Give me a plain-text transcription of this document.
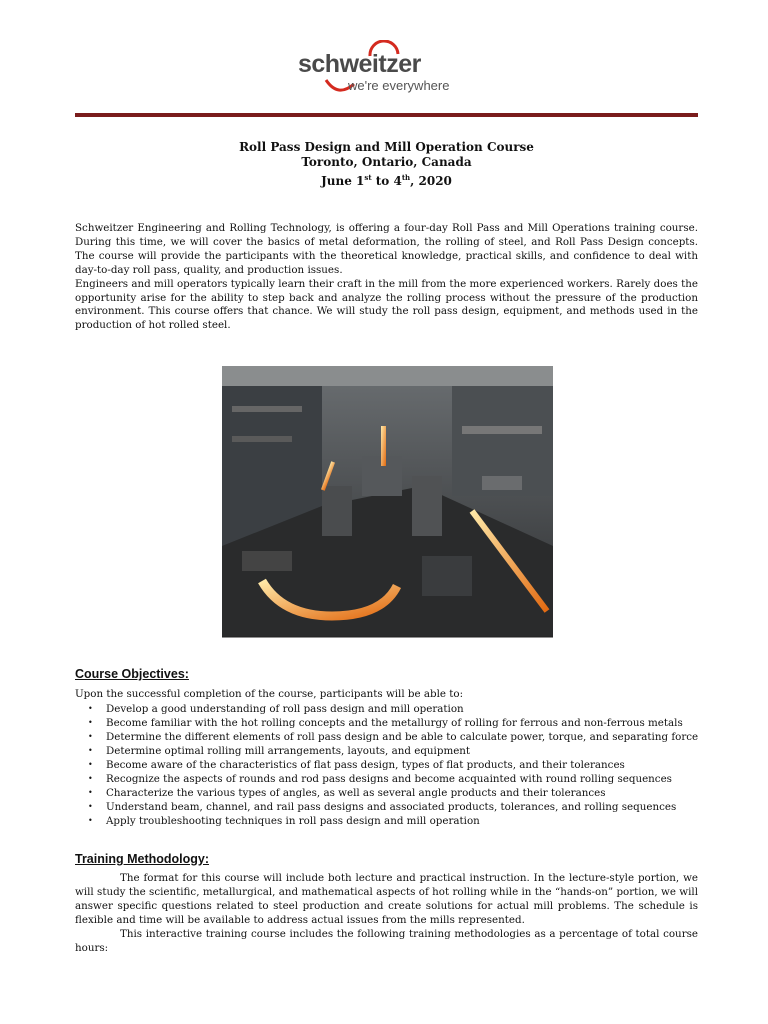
schweitzer
we're everywhere
Roll Pass Design and Mill Operation Course
Toronto, Ontario, Canada
June 1st to 4th, 2020
Schweitzer Engineering and Rolling Technology, is offering a four-day Roll Pass and Mill Operations training course. During this time, we will cover the basics of metal deformation, the rolling of steel, and Roll Pass Design concepts. The course will provide the participants with the theoretical knowledge, practical skills, and confidence to deal with day-to-day roll pass, quality, and production issues.
Engineers and mill operators typically learn their craft in the mill from the more experienced workers. Rarely does the opportunity arise for the ability to step back and analyze the rolling process without the pressure of the production environment. This course offers that chance. We will study the roll pass design, equipment, and methods used in the production of hot rolled steel.
Course Objectives:
Upon the successful completion of the course, participants will be able to:
• Develop a good understanding of roll pass design and mill operation
• Become familiar with the hot rolling concepts and the metallurgy of rolling for ferrous and non-ferrous metals
• Determine the different elements of roll pass design and be able to calculate power, torque, and separating force
• Determine optimal rolling mill arrangements, layouts, and equipment
• Become aware of the characteristics of flat pass design, types of flat products, and their tolerances
• Recognize the aspects of rounds and rod pass designs and become acquainted with round rolling sequences
• Characterize the various types of angles, as well as several angle products and their tolerances
• Understand beam, channel, and rail pass designs and associated products, tolerances, and rolling sequences
• Apply troubleshooting techniques in roll pass design and mill operation
Training Methodology:
The format for this course will include both lecture and practical instruction. In the lecture-style portion, we will study the scientific, metallurgical, and mathematical aspects of hot rolling while in the “hands-on” portion, we will answer specific questions related to steel production and create solutions for actual mill problems. The schedule is flexible and time will be available to address actual issues from the mills represented.
This interactive training course includes the following training methodologies as a percentage of total course hours:
